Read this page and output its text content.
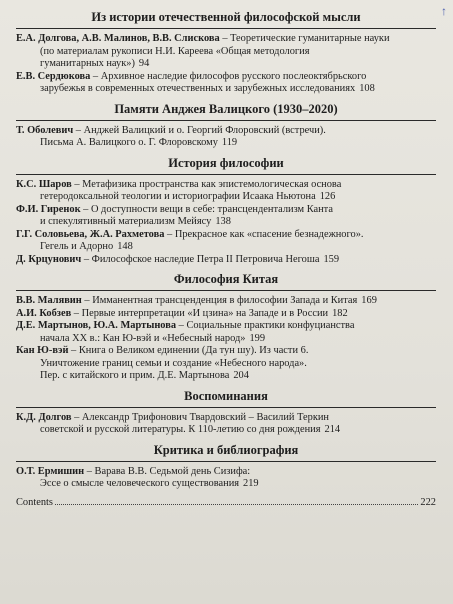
↑
Из истории отечественной философской мысли
Е.А. Долгова, А.В. Малинов, В.В. Слискова – Теоретические гуманитарные науки
(по материалам рукописи Н.И. Кареева «Общая методология
гуманитарных наук») 94
Е.В. Сердюкова – Архивное наследие философов русского послеоктябрьского
зарубежья в современных отечественных и зарубежных исследованиях 108
Памяти Анджея Валицкого (1930–2020)
Т. Оболевич – Анджей Валицкий и о. Георгий Флоровский (встречи).
Письма А. Валицкого о. Г. Флоровскому 119
История философии
К.С. Шаров – Метафизика пространства как эпистемологическая основа
гетеродоксальной теологии и историографии Исаака Ньютона 126
Ф.И. Гиренок – О доступности вещи в себе: трансцендентализм Канта
и спекулятивный материализм Мейясу 138
Г.Г. Соловьева, Ж.А. Рахметова – Прекрасное как «спасение безнадежного».
Гегель и Адорно 148
Д. Крцунович – Философское наследие Петра II Петровича Негоша 159
Философия Китая
В.В. Малявин – Имманентная трансценденция в философии Запада и Китая 169
А.И. Кобзев – Первые интерпретации «И цзина» на Западе и в России 182
Д.Е. Мартынов, Ю.А. Мартынова – Социальные практики конфуцианства
начала XX в.: Кан Ю-вэй и «Небесный народ» 199
Кан Ю-вэй – Книга о Великом единении (Да тун шу). Из части 6.
Уничтожение границ семьи и создание «Небесного народа».
Пер. с китайского и прим. Д.Е. Мартынова 204
Воспоминания
К.Д. Долгов – Александр Трифонович Твардовский – Василий Теркин
советской и русской литературы. К 110-летию со дня рождения 214
Критика и библиография
О.Т. Ермишин – Варава В.В. Седьмой день Сизифа:
Эссе о смысле человеческого существования 219
Contents	222
